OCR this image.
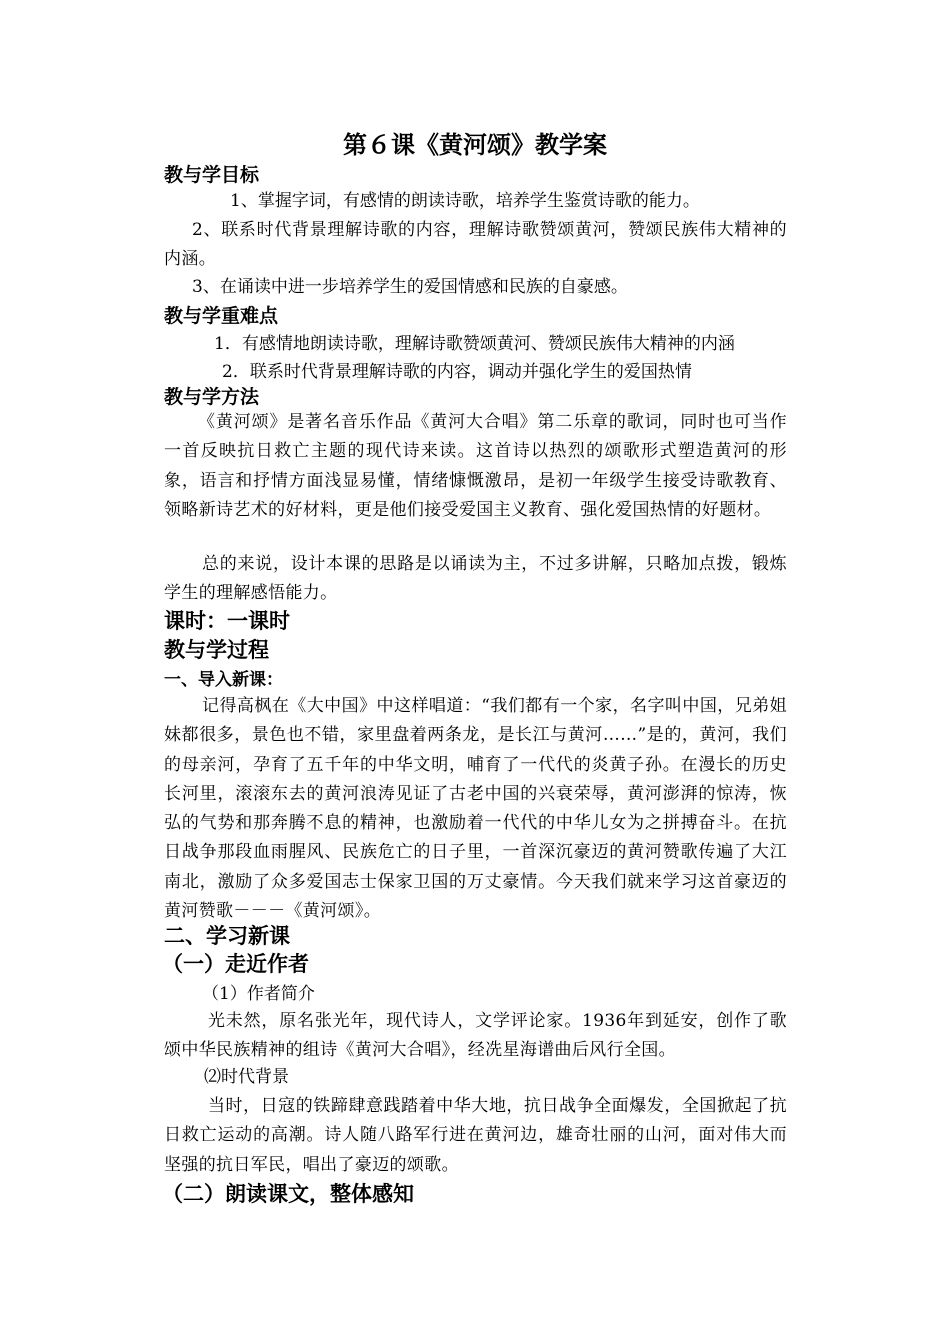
第６课《黄河颂》教学案
教与学目标
1、掌握字词，有感情的朗读诗歌，培养学生鉴赏诗歌的能力。
2、联系时代背景理解诗歌的内容，理解诗歌赞颂黄河，赞颂民族伟大精神的内涵。
3、在诵读中进一步培养学生的爱国情感和民族的自豪感。
教与学重难点
1．有感情地朗读诗歌，理解诗歌赞颂黄河、赞颂民族伟大精神的内涵
2．联系时代背景理解诗歌的内容，调动并强化学生的爱国热情
教与学方法
《黄河颂》是著名音乐作品《黄河大合唱》第二乐章的歌词，同时也可当作一首反映抗日救亡主题的现代诗来读。这首诗以热烈的颂歌形式塑造黄河的形象，语言和抒情方面浅显易懂，情绪慷慨激昂，是初一年级学生接受诗歌教育、领略新诗艺术的好材料，更是他们接受爱国主义教育、强化爱国热情的好题材。
总的来说，设计本课的思路是以诵读为主，不过多讲解，只略加点拨，锻炼学生的理解感悟能力。
课时：一课时
教与学过程
一、导入新课：
记得高枫在《大中国》中这样唱道：“我们都有一个家，名字叫中国，兄弟姐妹都很多，景色也不错，家里盘着两条龙，是长江与黄河……”是的，黄河，我们的母亲河，孕育了五千年的中华文明，哺育了一代代的炎黄子孙。在漫长的历史长河里，滚滚东去的黄河浪涛见证了古老中国的兴衰荣辱，黄河澎湃的惊涛，恢弘的气势和那奔腾不息的精神，也激励着一代代的中华儿女为之拼搏奋斗。在抗日战争那段血雨腥风、民族危亡的日子里，一首深沉豪迈的黄河赞歌传遍了大江南北，激励了众多爱国志士保家卫国的万丈豪情。今天我们就来学习这首豪迈的黄河赞歌－－－《黄河颂》。
二、学习新课
（一）走近作者
（1）作者简介
光未然，原名张光年，现代诗人，文学评论家。1936年到延安，创作了歌颂中华民族精神的组诗《黄河大合唱》，经冼星海谱曲后风行全国。
⑵时代背景
当时，日寇的铁蹄肆意践踏着中华大地，抗日战争全面爆发，全国掀起了抗日救亡运动的高潮。诗人随八路军行进在黄河边，雄奇壮丽的山河，面对伟大而坚强的抗日军民，唱出了豪迈的颂歌。
（二）朗读课文，整体感知
